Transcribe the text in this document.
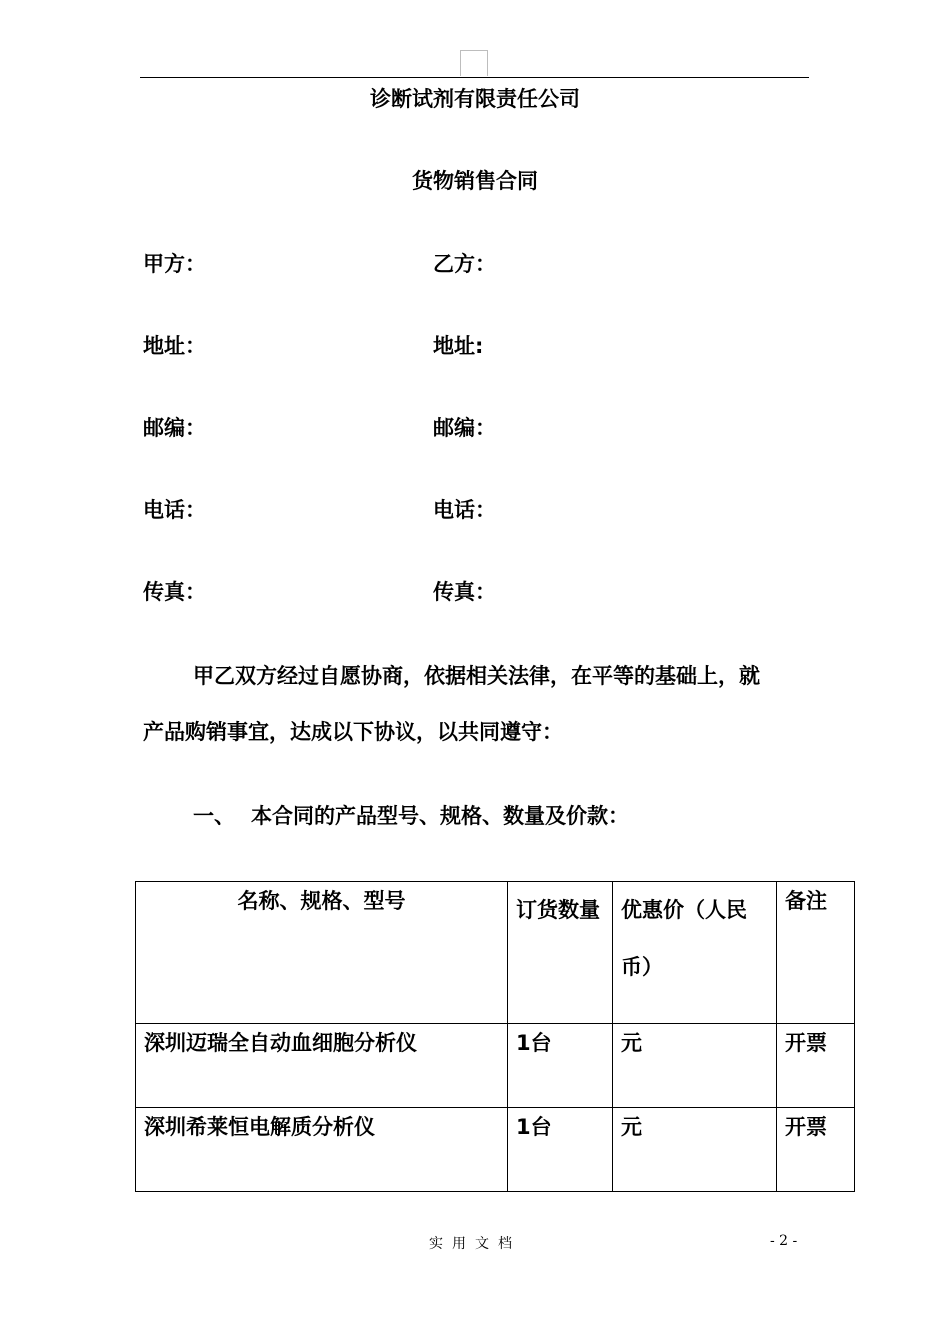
诊断试剂有限责任公司
货物销售合同
甲方：	乙方：
地址：	地址:
邮编：	邮编：
电话：	电话：
传真：	传真：
甲乙双方经过自愿协商，依据相关法律，在平等的基础上，就
产品购销事宜，达成以下协议，以共同遵守：
一、 本合同的产品型号、规格、数量及价款：
名称、规格、型号	订货数量	优惠价（人民币）	备注
深圳迈瑞全自动血细胞分析仪	1台	元	开票
深圳希莱恒电解质分析仪	1台	元	开票
实用文档	- 2 -
